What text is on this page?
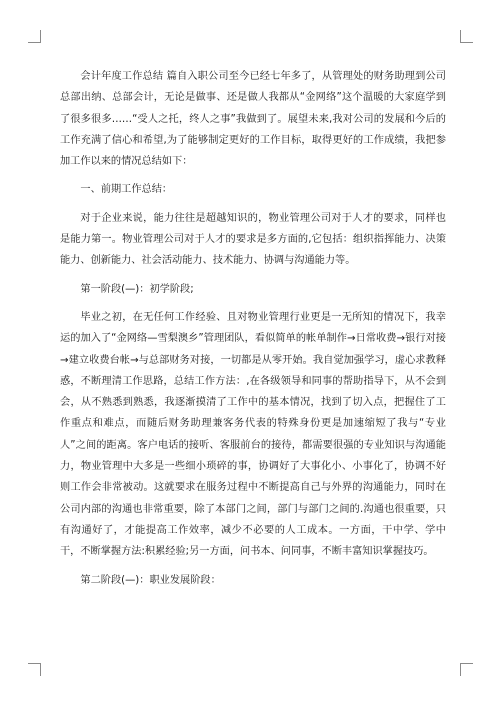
会计年度工作总结 篇自入职公司至今已经七年多了，从管理处的财务助理到公司总部出纳、总部会计，无论是做事、还是做人我都从“金网络”这个温暖的大家庭学到了很多很多……“受人之托，终人之事”我做到了。展望未来,我对公司的发展和今后的工作充满了信心和希望,为了能够制定更好的工作目标，取得更好的工作成绩，我把参加工作以来的情况总结如下：

一、前期工作总结：

对于企业来说，能力往往是超越知识的，物业管理公司对于人才的要求，同样也是能力第一。物业管理公司对于人才的要求是多方面的,它包括：组织指挥能力、决策能力、创新能力、社会活动能力、技术能力、协调与沟通能力等。

第一阶段(—)：初学阶段;

毕业之初，在无任何工作经验、且对物业管理行业更是一无所知的情况下，我幸运的加入了“金网络—雪梨澳乡”管理团队，看似简单的帐单制作→日常收费→银行对接→建立收费台帐→与总部财务对接，一切都是从零开始。我自觉加强学习，虚心求教释惑，不断理清工作思路，总结工作方法：,在各级领导和同事的帮助指导下，从不会到会，从不熟悉到熟悉，我逐渐摸清了工作中的基本情况，找到了切入点，把握住了工作重点和难点，而随后财务助理兼客务代表的特殊身份更是加速缩短了我与“专业人”之间的距离。客户电话的接听、客服前台的接待，都需要很强的专业知识与沟通能力，物业管理中大多是一些细小琐碎的事，协调好了大事化小、小事化了，协调不好则工作会非常被动。这就要求在服务过程中不断提高自己与外界的沟通能力，同时在公司内部的沟通也非常重要，除了本部门之间，部门与部门之间的.沟通也很重要，只有沟通好了，才能提高工作效率，减少不必要的人工成本。一方面，干中学、学中干，不断掌握方法:积累经验;另一方面，问书本、问同事，不断丰富知识掌握技巧。

第二阶段(—)：职业发展阶段：
